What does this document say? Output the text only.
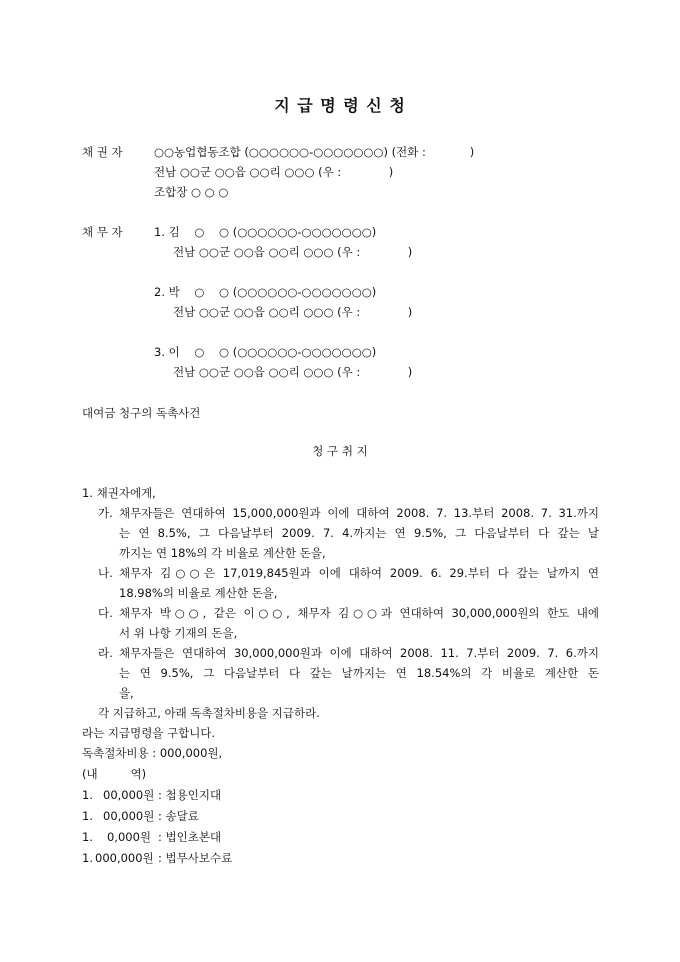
지 급 명 령 신 청
채 권 자	○○농업협동조합 (○○○○○○-○○○○○○○) (전화 :            )
전남 ○○군 ○○읍 ○○리 ○○○ (우 :             )
조합장 ○ ○ ○
채 무 자	1. 김    ○    ○ (○○○○○○-○○○○○○○)
전남 ○○군 ○○읍 ○○리 ○○○ (우 :             )
2. 박    ○    ○ (○○○○○○-○○○○○○○)
전남 ○○군 ○○읍 ○○리 ○○○ (우 :             )
3. 이    ○    ○ (○○○○○○-○○○○○○○)
전남 ○○군 ○○읍 ○○리 ○○○ (우 :             )
대여금 청구의 독촉사건
청 구 취 지
1. 채권자에게,
가. 채무자들은 연대하여 15,000,000원과 이에 대하여 2008. 7. 13.부터 2008. 7. 31.까지
는 연 8.5%, 그 다음날부터 2009. 7. 4.까지는 연 9.5%, 그 다음날부터 다 갚는 날
까지는 연 18%의 각 비율로 계산한 돈을,
나. 채무자 김○○은 17,019,845원과 이에 대하여 2009. 6. 29.부터 다 갚는 날까지 연
18.98%의 비율로 계산한 돈을,
다. 채무자 박○○, 같은 이○○, 채무자 김○○과 연대하여 30,000,000원의 한도 내에
서 위 나항 기재의 돈을,
라. 채무자들은 연대하여 30,000,000원과 이에 대하여 2008. 11. 7.부터 2009. 7. 6.까지
는 연 9.5%, 그 다음날부터 다 갚는 날까지는 연 18.54%의 각 비율로 계산한 돈
을,
각 지급하고, 아래 독촉절차비용을 지급하라.
라는 지급명령을 구합니다.
독촉절차비용 : 000,000원,
(내         역)
1. 00,000원 : 첩용인지대
1. 00,000원 : 송달료
1.	0,000원 : 법인초본대
1. 000,000원 : 법무사보수료
